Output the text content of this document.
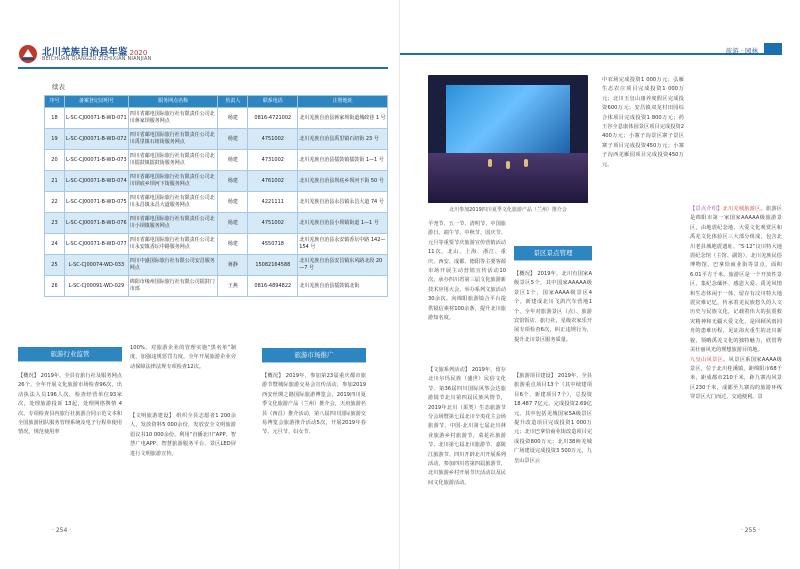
北川羌族自治县年鉴 2020
BEICHUAN QIANGZU ZIZHIXIAN NIANJIAN
续表
序号	备案登记证明号	服务网点名称	负责人	联系电话	注册地址
18	L-SC-CJ00071-B-WD-071	四川省邮电国际旅行社有限责任公司北川蒋家坝服务网点	杨建	0816-4721002	北川羌族自治县蒋家坝街道城政巷 1 号
19	L-SC-CJ00071-B-WD-072	四川省邮电国际旅行社有限责任公司北川禹里镇石纽街服务网点	杨建	4751002	北川羌族自治县禹里镇石纽街 23 号
20	L-SC-CJ00071-B-WD-073	四川省邮电国际旅行社有限责任公司北川擂鼓镇擂鼓街服务网点	杨建	4731002	北川羌族自治县擂鼓镇擂鼓街 1—1 号
21	L-SC-CJ00071-B-WD-074	四川省邮电国际旅行社有限责任公司北川坝底乡坝河下街服务网点	杨建	4761002	北川羌族自治县坝底乡坝河下街 50 号
22	L-SC-CJ00071-B-WD-075	四川省邮电国际旅行社有限责任公司北川永昌镇永昌大道服务网点	杨建	4221111	北川羌族自治县永昌镇永昌大道 74 号
23	L-SC-CJ00071-B-WD-076	四川省邮电国际旅行社有限责任公司北川小坝镇服务网点	杨建	4751002	北川羌族自治县小坝镇街道 1—1 号
24	L-SC-CJ00071-B-WD-077	四川省邮电国际旅行社有限责任公司北川永安镇香坛中路服务网点	杨建	4550718	北川羌族自治县永安镇香坛中路 142—154 号
25	L-SC-CJ00074-WD-033	四川中盛国际旅行社有限公司安昌服务网点	蒋静	15082164588	北川羌族自治县安昌镇东风路北段 20—7 号
26	L-SC-CJ00091-WD-029	绵阳市缘州国际旅行社有限公司擂鼓门市部	王燕	0816-4894822	北川羌族自治县擂鼓镇北街
旅游行业监管
【概况】 2019年，全县有旅行社及服务网点26个。全年开展文化旅游市场检查96次，出动执法人员196人次，检查经营单位93家次，处理旅游投诉 13起，处理网络舆情 4次，专项检查县内旅行社旅游合同示范文本和全国旅游团队服务管理系统及电子行程单使用情况，规范使用率
100%。对旅游企业的管理实施“黑名单”制度，加强违规惩罚力度。全年开展旅游企业旁动保障法律法规专项检查12次。
【文明旅游建设】 组织全县志愿者1 200余人，发放资料5 000余份，发放安全文明旅游倡议书10 000余份。利用“直播北川”APP、智慧广电APP、智慧旅游服务平台、景区LED屏进行文明旅游宣传。
旅游市场推广
【概况】 2019年，参加第23届重庆都市旅游节暨城际旅游交易会宣传活动，参加2019西安丝绸之路国际旅游博览会，2019四川夏季文化旅游产品（兰州）推介会，天府旅游名县（西昌）推介活动，第八届四川国际旅游交易博览会旅游推介活动5次，开展2019年春节、元旦节、妇女节、
· 254 ·
旅游 · 园林
北川参加2019四川夏季文化旅游产品（兰州）推介会
羊尧节、五一节、清明节、中国旅游日、端午节、中秋节、国庆节、元旦等重要节庆旅游宣传营销活动11次。北山、上海、浙江、重庆、西安、成都、德阳等主要客源市场开展主动营销宣传活动10次，承办四川省第三届文化旅游新技术应用大会，举办系列文旅活动30余次。向绵阳旅游镜合平台提供镜信素材100余条，提升北川旅游知名度。
【文旅系列活动】 2019年，留存北川尔玛民族（盛世）民俗文化节、第36届四川国际风筝会达旅游镜节北川第四届民族风情节，2019年北川（果类）生态旅游节分会场暨第七届北川辛夷花主会场旅游节，中国·北川第七届北川林业旅游乡村旅游节，菜花社旅游节、北川第七届北川旅游节、嘉陵江旅游节、四川开辟北川开展系列活动，参加四川省第四届旅游节，北川旅游乡村开展节庆活动以及民间文化旅游活动。
景区景点管理
【概况】 2019年，北川有国家A级景区5个，其中国家AAAAA级景区1个，国家AAAA级景区4个。新建成北川飞鸽汽车营地1个，全年对旅游景区（点）、旅游宾馆饭店、旅行社、星级农家乐开展专项检查6次，纠正违规行为，提升北川景区服务质量。
【旅游项目建设】 2019年，全县旅游重点项目13个（其中续建项目6个、新建项目7个），总投资18.487 7亿元，完成投资2.69亿元。其中包括羌城国家5A级景区提升改造项目完成投资1 000万元；北川巴拿恰商业街改造项目完成投资800万元；北川38师羌城广场建设完成投资3 500万元，九皇山景区云
中农场完成投资1 000万元；弘雁生态农庄项目完成投资1 000万元；北川玉皇山康养度假区完成投资600万元；安昌镇双龙村田园综合体项目完成投资1 800万元；药王谷全息康体园景区项目完成投资2 400万元；小寨子沟景区寨子景区寨子项目完成投资450万元；小寨子沟西羌雁园项目完成投资450万元。
【景点介绍】北川羌城旅游区。旅游区是绵阳市第一家国家AAAAA级旅游景区，由地震纪念地、大爱文化观赏区和禹羌文化体验区三大部分组成，包含北川老县城地震遗址、“5·12”汶川特大地震纪念馆（主馆、副馆）、北川羌族民俗博物馆、巴拿恰商业街等景点，面积6.01平方千米。旅游区是一个开放性景区，集纪念缅怀、感恩大爱、禹羌风情和生态休闲于一体，留存有汶川特大地震灾难记忆，传承着羌民族悠久的人文历史与民族文化，记载着伟大的抗震救灾精神和无疆大爱文化，是回顾风雨同舟的患难历程，见证浴火重生的北川新貌，领略禹羌文化的独特魅力，欣赏秀美壮丽风光的理想旅游目的地。
九皇山风景区。风景区系国家AAAA级景区，位于北川桂溪镇，距绵阳市68千米，距成都市210千米，距九寨沟风景区230千米，成都至九寨沟的旅游环线穿景区大门而过，交通便利。景
· 255 ·
